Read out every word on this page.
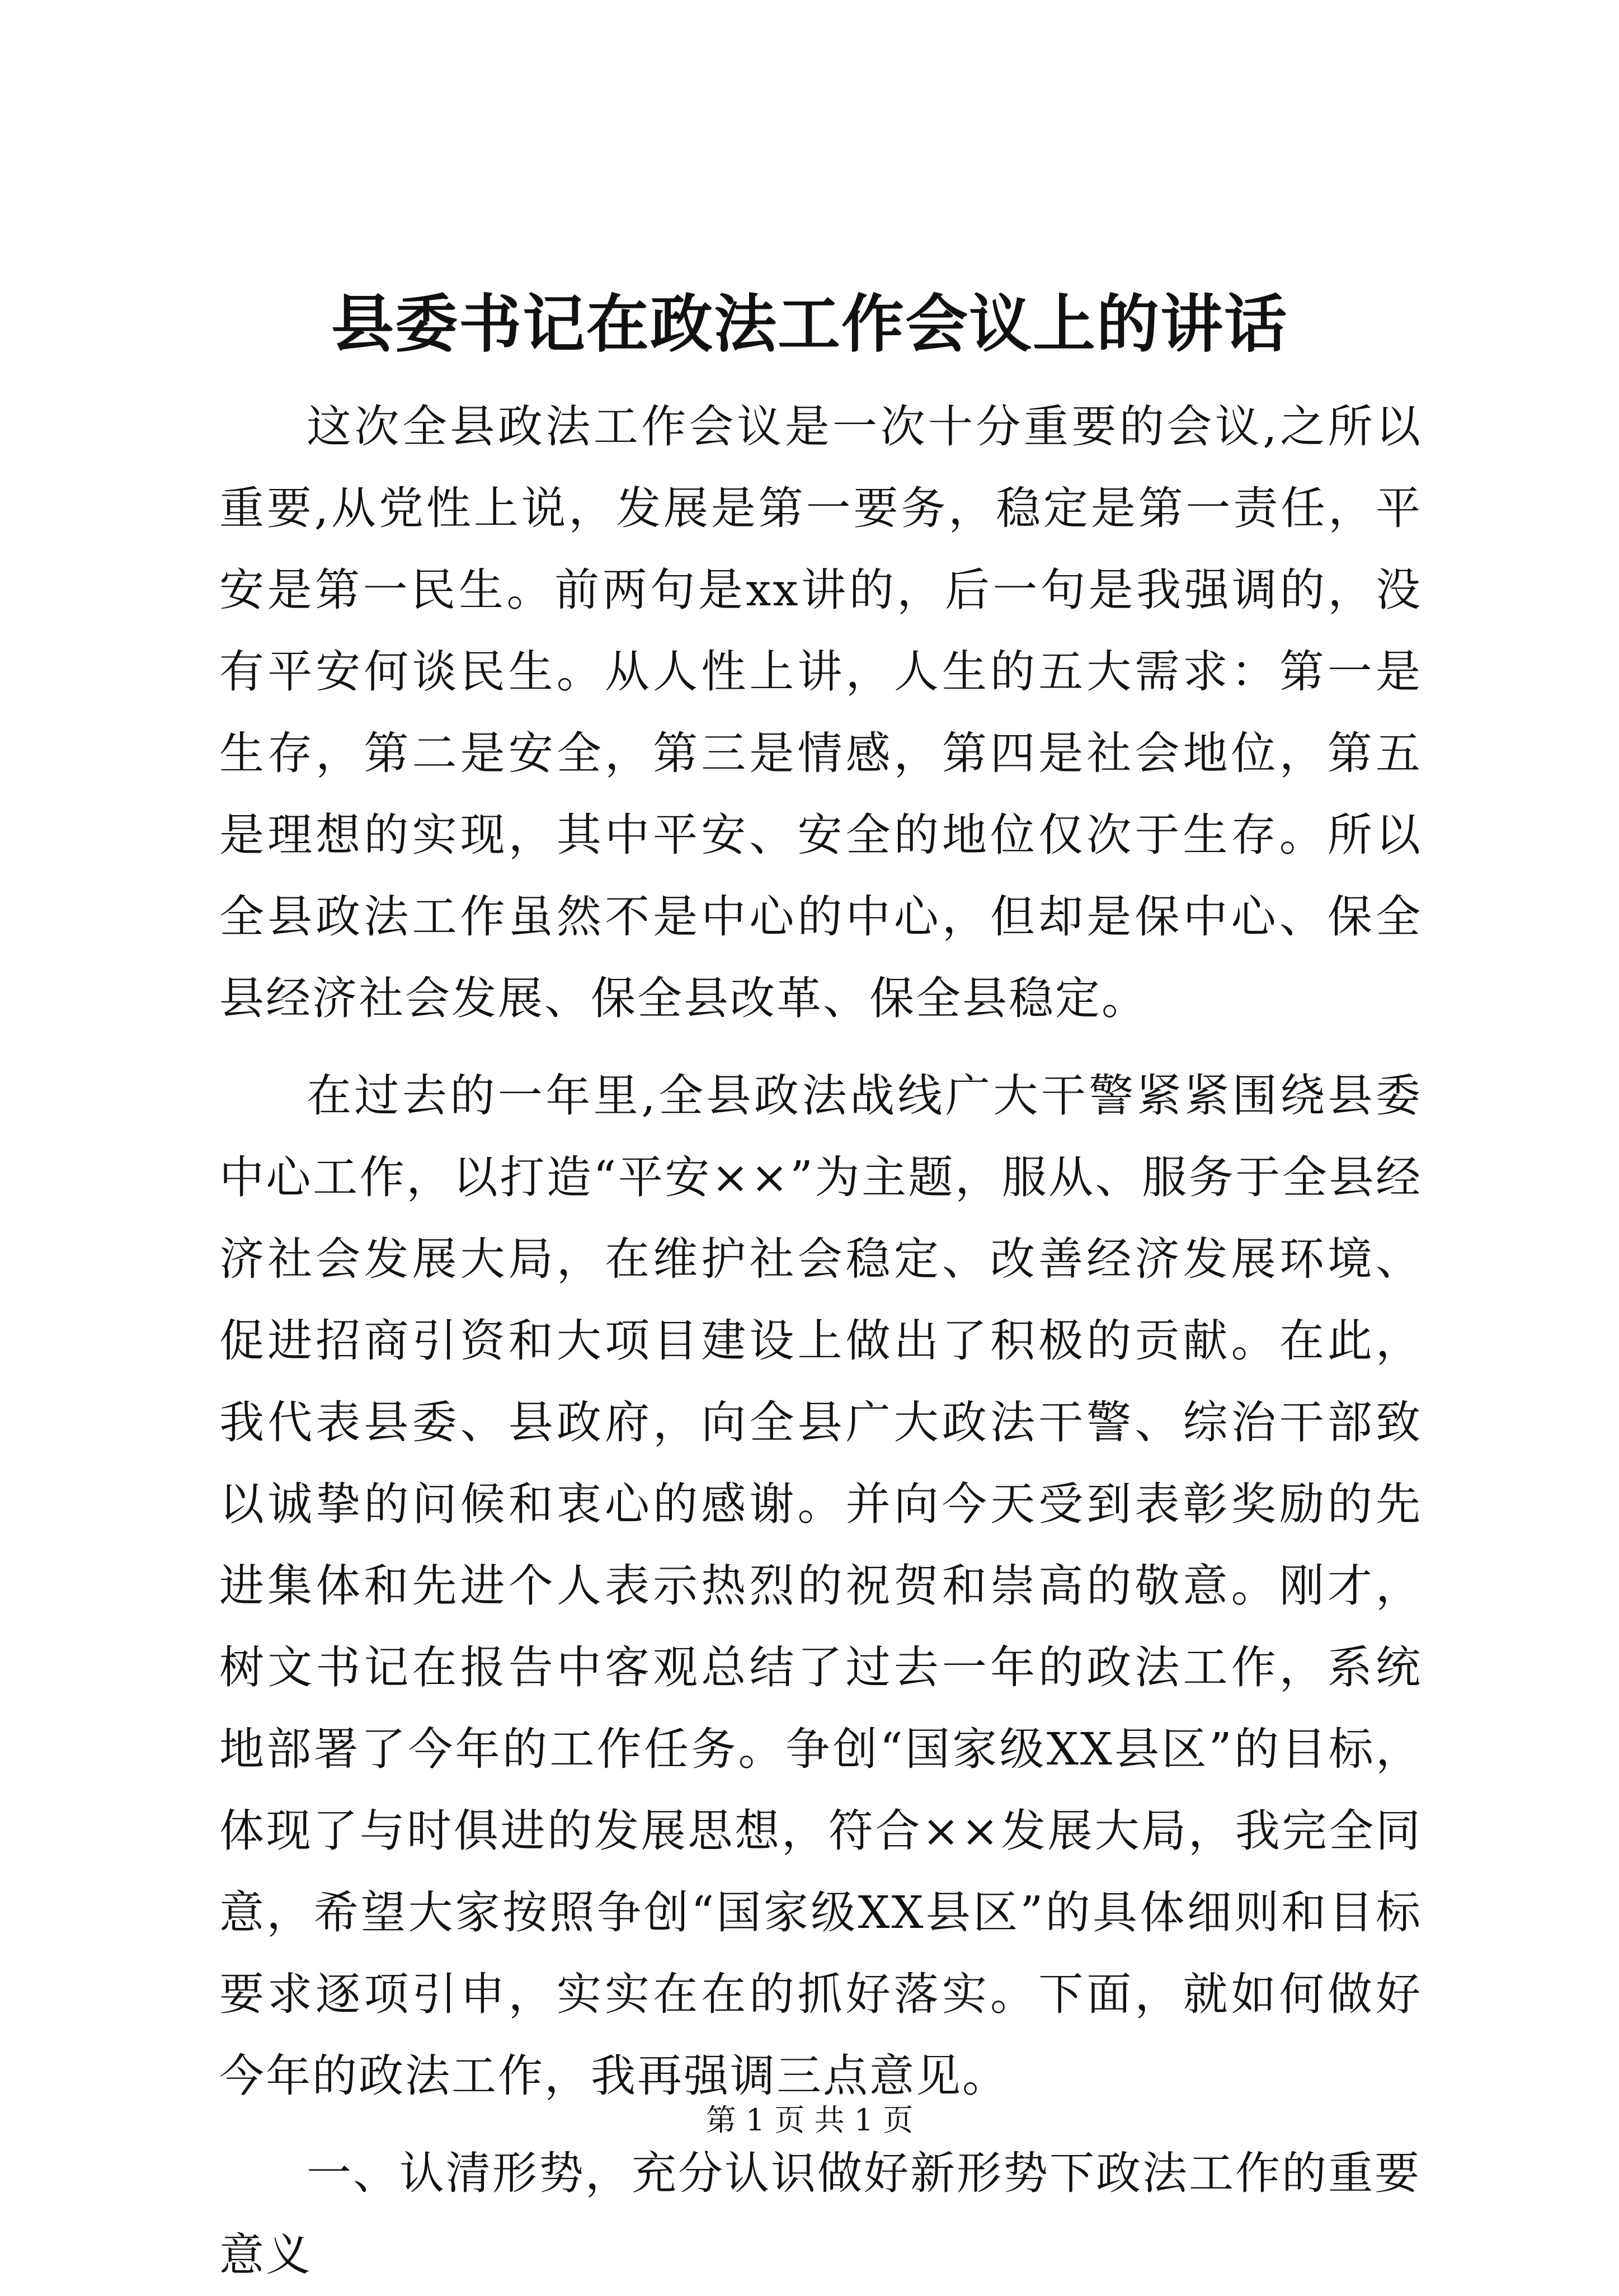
县委书记在政法工作会议上的讲话

这次全县政法工作会议是一次十分重要的会议,之所以重要,从党性上说，发展是第一要务，稳定是第一责任，平安是第一民生。前两句是xx讲的，后一句是我强调的，没有平安何谈民生。从人性上讲，人生的五大需求：第一是生存，第二是安全，第三是情感，第四是社会地位，第五是理想的实现，其中平安、安全的地位仅次于生存。所以全县政法工作虽然不是中心的中心，但却是保中心、保全县经济社会发展、保全县改革、保全县稳定。

在过去的一年里,全县政法战线广大干警紧紧围绕县委中心工作，以打造“平安××”为主题，服从、服务于全县经济社会发展大局，在维护社会稳定、改善经济发展环境、促进招商引资和大项目建设上做出了积极的贡献。在此，我代表县委、县政府，向全县广大政法干警、综治干部致以诚挚的问候和衷心的感谢。并向今天受到表彰奖励的先进集体和先进个人表示热烈的祝贺和崇高的敬意。刚才，树文书记在报告中客观总结了过去一年的政法工作，系统地部署了今年的工作任务。争创“国家级XX县区”的目标，体现了与时俱进的发展思想，符合××发展大局，我完全同意，希望大家按照争创“国家级XX县区”的具体细则和目标要求逐项引申，实实在在的抓好落实。下面，就如何做好今年的政法工作，我再强调三点意见。

一、认清形势，充分认识做好新形势下政法工作的重要意义

第 1 页 共 1 页
